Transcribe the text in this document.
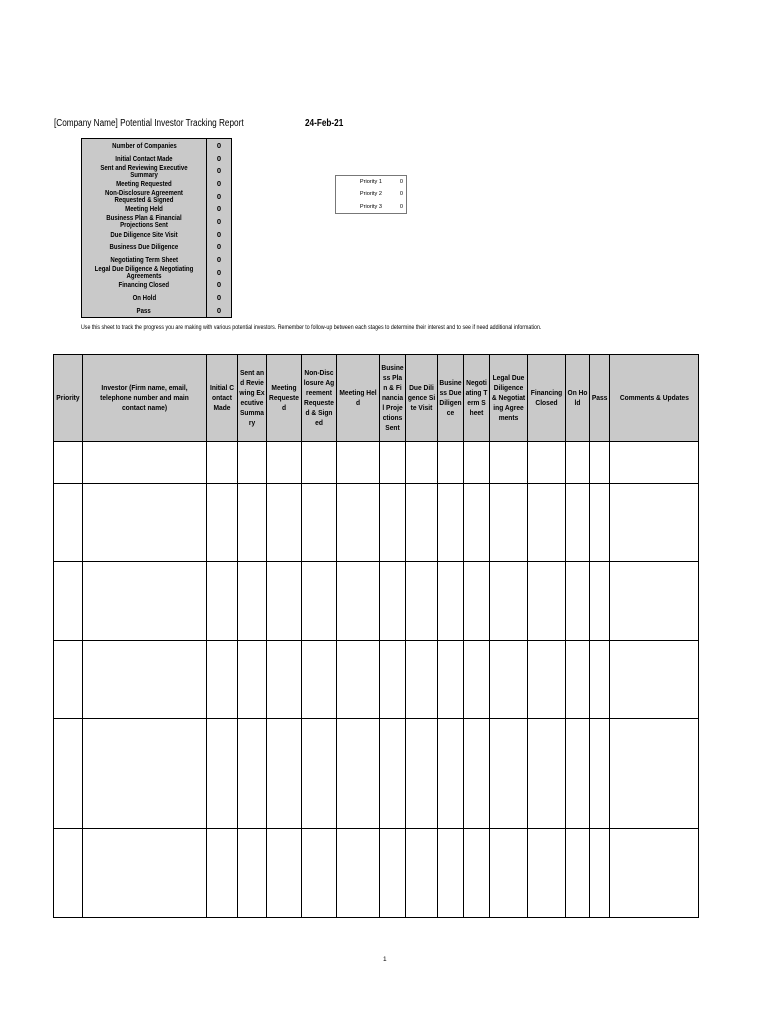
[Company Name] Potential Investor Tracking Report	24-Feb-21
Number of Companies	0
Initial Contact Made	0
Sent and Reviewing Executive Summary	0
Meeting Requested	0
Non-Disclosure Agreement Requested & Signed	0
Meeting Held	0
Business Plan & Financial Projections Sent	0
Due Diligence Site Visit	0
Business Due Diligence	0
Negotiating Term Sheet	0
Legal Due Diligence & Negotiating Agreements	0
Financing Closed	0
On Hold	0
Pass	0
Priority 1	0
Priority 2	0
Priority 3	0
Use this sheet to track the progress you are making with various potential investors. Remember to follow-up between each stages to determine their interest and to see if need additional information.
Priority	Investor (Firm name, email, telephone number and main contact name)	Initial Contact Made	Sent and Reviewing Executive Summary	Meeting Requested	Non-Disclosure Agreement Requested & Signed	Meeting Held	Business Plan & Financial Projections Sent	Due Diligence Site Visit	Business Due Diligence	Negotiating Term Sheet	Legal Due Diligence & Negotiating Agreements	Financing Closed	On Hold	Pass	Comments & Updates

1
